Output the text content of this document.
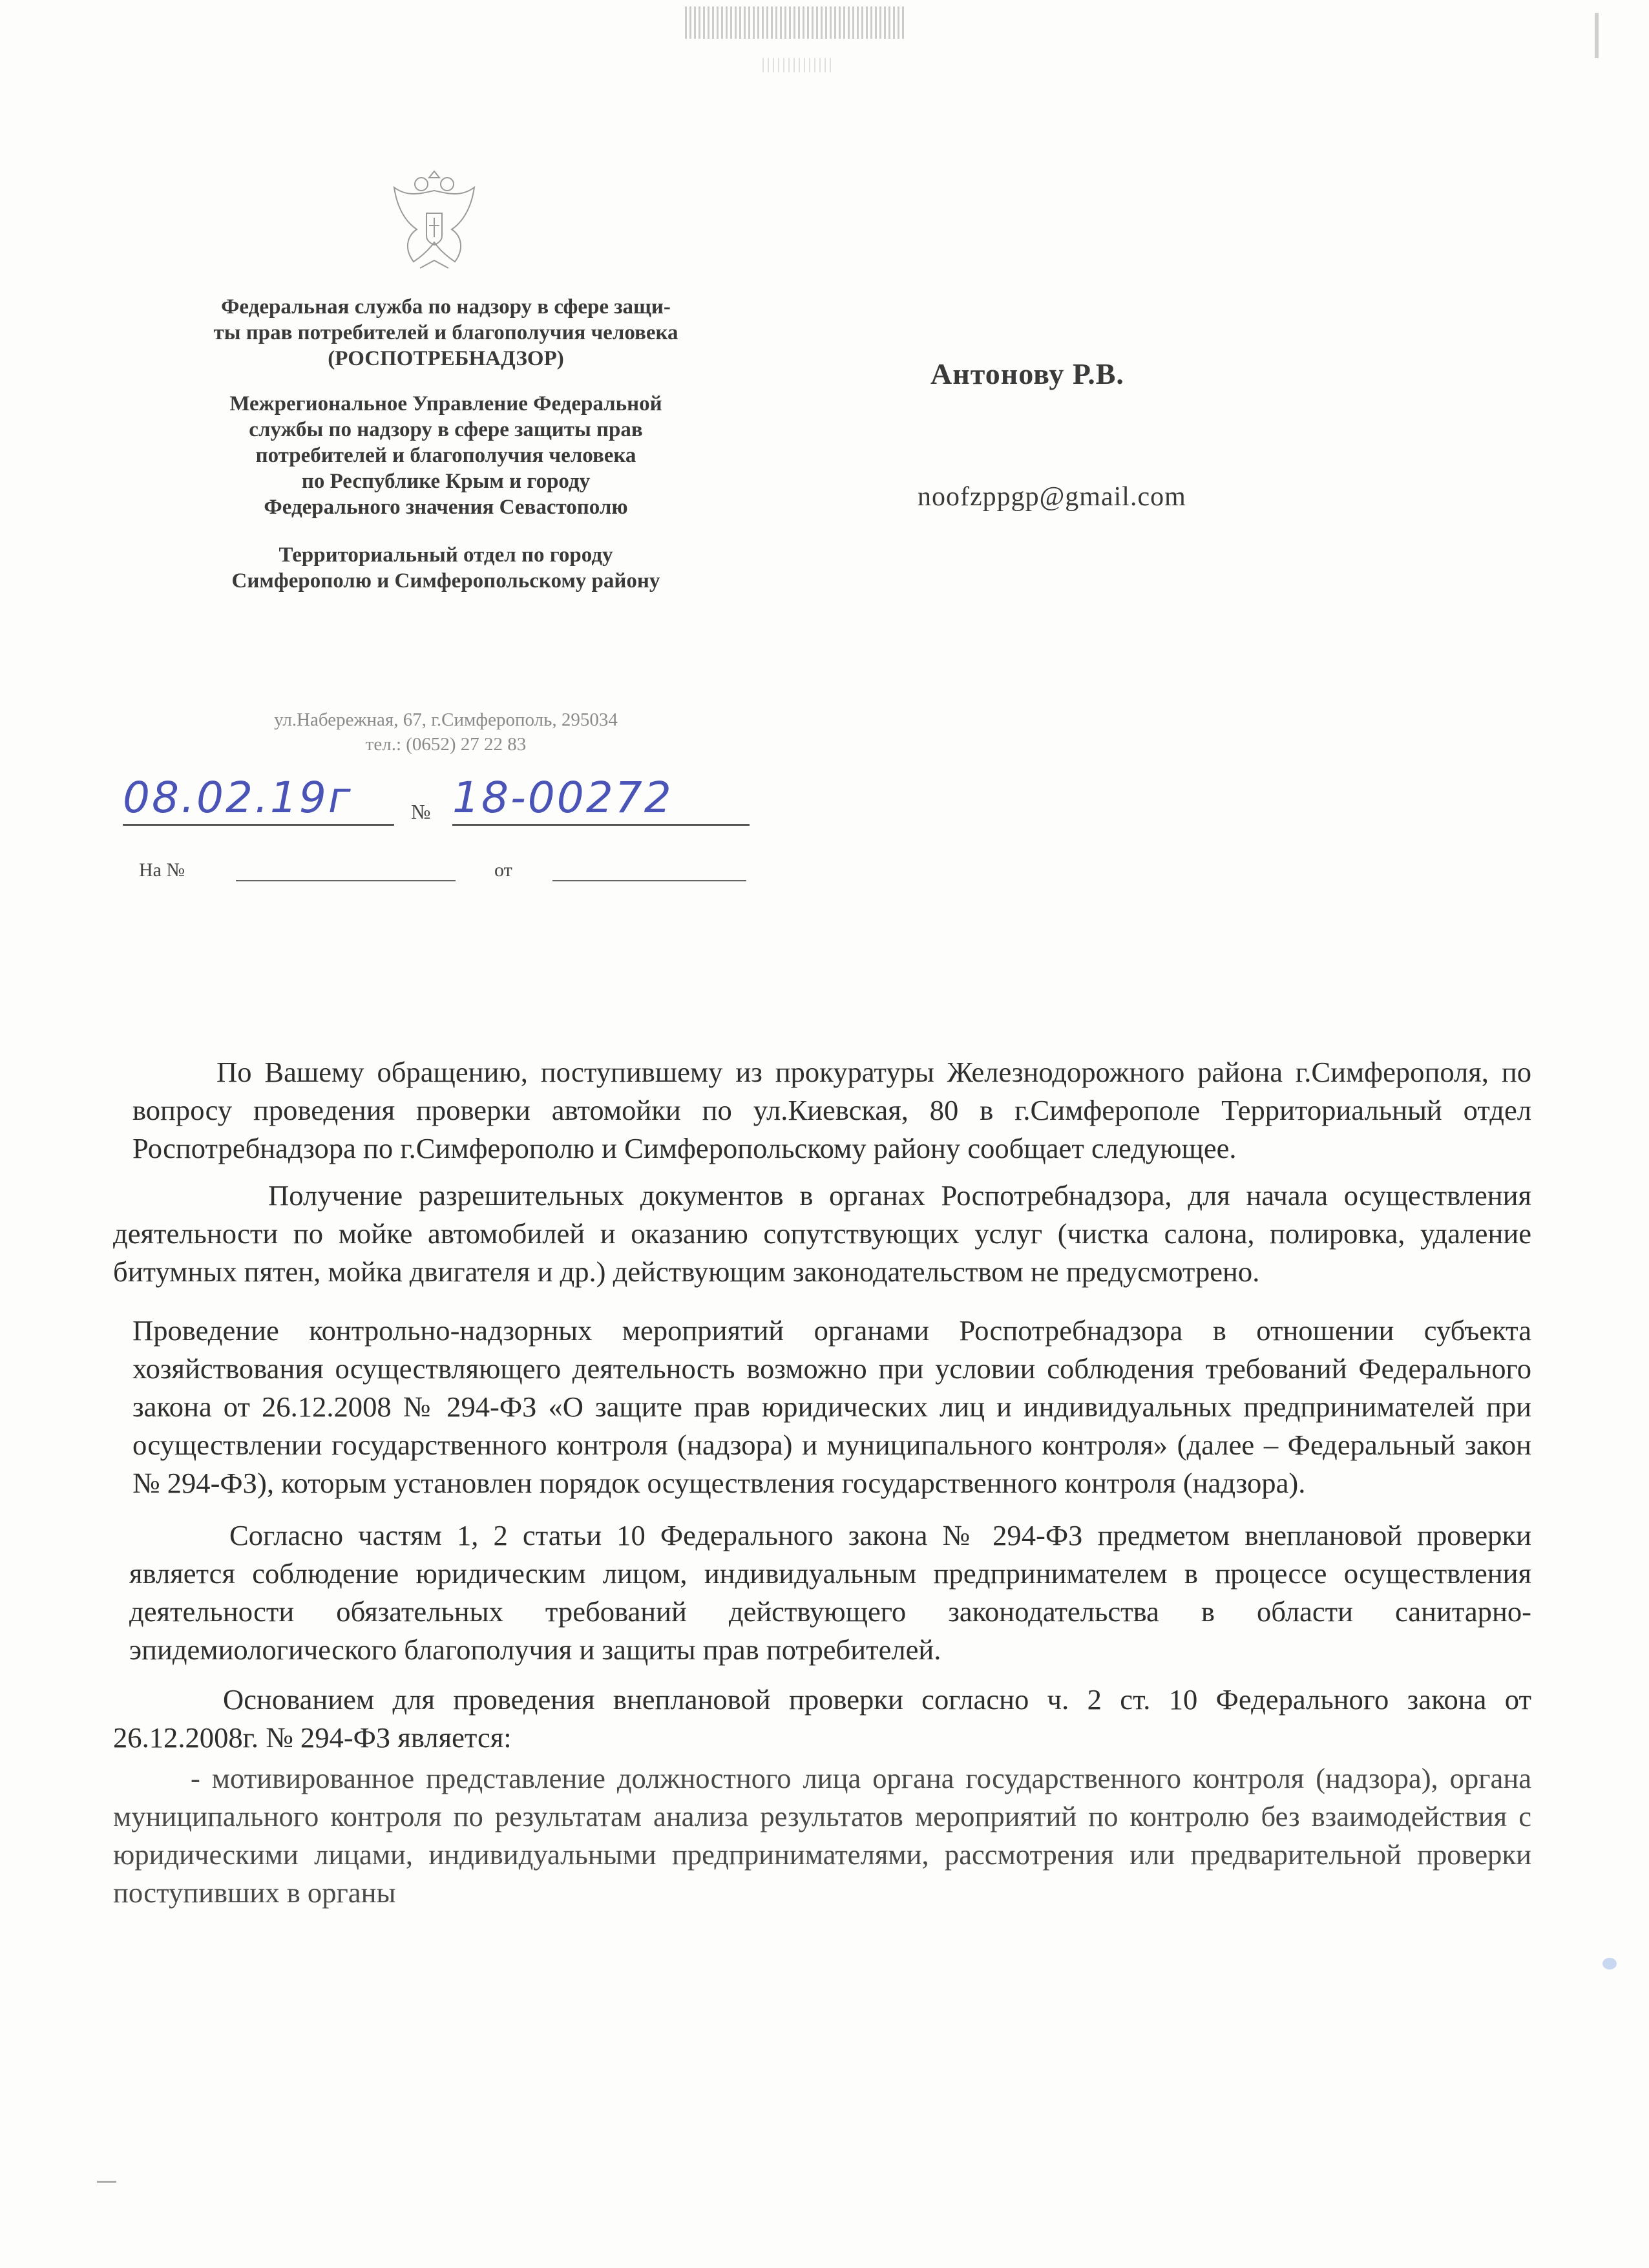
Федеральная служба по надзору в сфере защи-
ты прав потребителей и благополучия человека
(РОСПОТРЕБНАДЗОР)
Межрегиональное Управление Федеральной
службы по надзору в сфере защиты прав
потребителей и благополучия человека
по Республике Крым и городу
Федерального значения Севастополю
Территориальный отдел по городу
Симферополю и Симферопольскому району
ул.Набережная, 67, г.Симферополь, 295034
тел.: (0652) 27 22 83
08.02.19г	№ 18-00272
На №	от
Антонову Р.В.
noofzppgp@gmail.com

По Вашему обращению, поступившему из прокуратуры Железнодорожного района г.Симферополя, по вопросу проведения проверки автомойки по ул.Киевская, 80 в г.Симферополе Территориальный отдел Роспотребнадзора по г.Симферополю и Симферопольскому району сообщает следующее.

Получение разрешительных документов в органах Роспотребнадзора, для начала осуществления деятельности по мойке автомобилей и оказанию сопутствующих услуг (чистка салона, полировка, удаление битумных пятен, мойка двигателя и др.) действующим законодательством не предусмотрено.

Проведение контрольно-надзорных мероприятий органами Роспотребнадзора в отношении субъекта хозяйствования осуществляющего деятельность возможно при условии соблюдения требований Федерального закона от 26.12.2008 № 294-ФЗ «О защите прав юридических лиц и индивидуальных предпринимателей при осуществлении государственного контроля (надзора) и муниципального контроля» (далее – Федеральный закон № 294-ФЗ), которым установлен порядок осуществления государственного контроля (надзора).

Согласно частям 1, 2 статьи 10 Федерального закона № 294-ФЗ предметом внеплановой проверки является соблюдение юридическим лицом, индивидуальным предпринимателем в процессе осуществления деятельности обязательных требований действующего законодательства в области санитарно-эпидемиологического благополучия и защиты прав потребителей.

Основанием для проведения внеплановой проверки согласно ч. 2 ст. 10 Федерального закона от 26.12.2008г. № 294-ФЗ является:

- мотивированное представление должностного лица органа государственного контроля (надзора), органа муниципального контроля по результатам анализа результатов мероприятий по контролю без взаимодействия с юридическими лицами, индивидуальными предпринимателями, рассмотрения или предварительной проверки поступивших в органы
